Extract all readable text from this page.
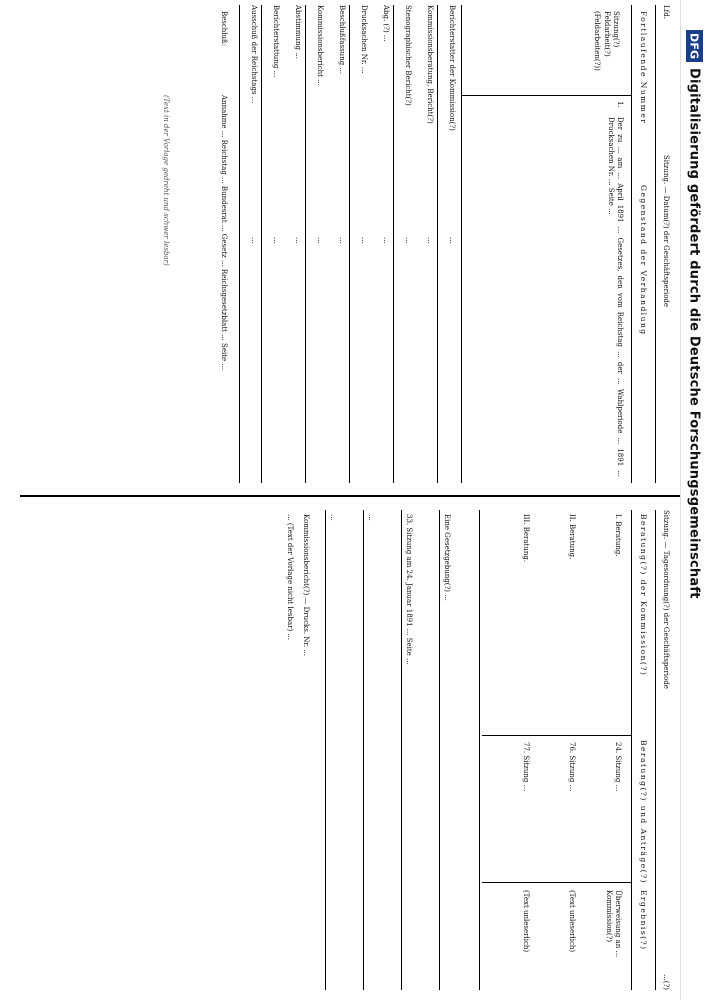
DFG
Digitalisierung gefördert durch die Deutsche Forschungsgemeinschaft
Lfd.
Sitzung. — Datum(?) der Geschäftsperiode
Fortlaufende Nummer
Gegenstand der Verhandlung
Sitzung(?)
Feldarbeit(?)
(Feldarbeiten(?))
1.
Der zu ... am ... April 1891 ... Gesetzes, den vom Reichstag ... der ... Wahlperiode ... 1891 ... Drucksachen Nr. ... Seite ...
Berichterstatter der Kommission(?)
...
Kommissionsberatung, Bericht(?)
...
Stenographischer Bericht(?)
...
Abg. (?) ...
...
Drucksachen Nr. ...
...
Beschlußfassung ...
...
Kommissionsbericht ...
...
Abstimmung ...
...
Berichterstattung ...
...
Ausschuß der Reichstags ...
...
Beschluß:
Annahme ... Reichstag ... Bundesrat ... Gesetz ... Reichsgesetzblatt ... Seite ...
(Text in der Vorlage gedreht und schwer lesbar)
Sitzung. — Tagesordnung(?) der Geschäftsperiode
...(?)
Beratung(?) der Kommission(?)
Beratung(?) und Anträge(?)
Ergebnis(?)
I. Beratung.
24. Sitzung ...
Überweisung an ... Kommission(?)
II. Beratung.
76. Sitzung ...
(Text unleserlich)
III. Beratung.
77. Sitzung ...
(Text unleserlich)
Eine Gesetzgebung(?) ...
33. Sitzung am 24. Januar 1891 ... Seite ...
...
...
Kommissionsbericht(?) — Drucks. Nr. ...
... (Text der Vorlage nicht lesbar) ...
